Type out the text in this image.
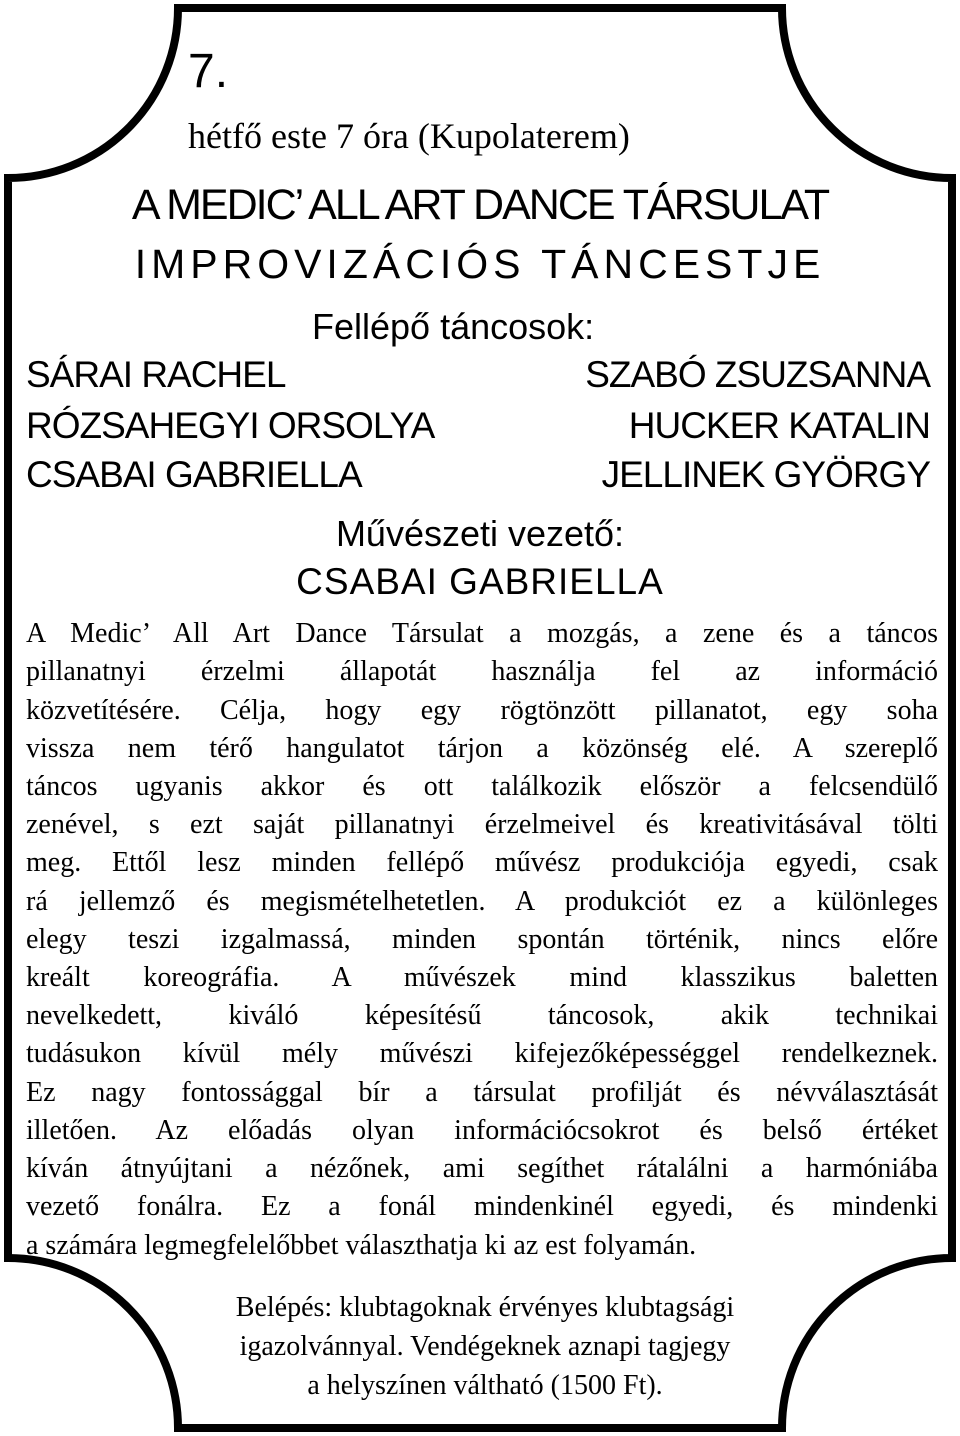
7.
hétfő este 7 óra (Kupolaterem)
A MEDIC’ ALL ART DANCE TÁRSULAT
IMPROVIZÁCIÓS TÁNCESTJE
Fellépő táncosok:
SÁRAI RACHEL	SZABÓ ZSUZSANNA
RÓZSAHEGYI ORSOLYA	HUCKER KATALIN
CSABAI GABRIELLA	JELLINEK GYÖRGY
Művészeti vezető:
CSABAI GABRIELLA

A Medic’ All Art Dance Társulat a mozgás, a zene és a táncos

pillanatnyi érzelmi állapotát használja fel az információ

közvetítésére. Célja, hogy egy rögtönzött pillanatot, egy soha

vissza nem térő hangulatot tárjon a közönség elé. A szereplő

táncos ugyanis akkor és ott találkozik először a felcsendülő

zenével, s ezt saját pillanatnyi érzelmeivel és kreativitásával tölti

meg. Ettől lesz minden fellépő művész produkciója egyedi, csak

rá jellemző és megismételhetetlen. A produkciót ez a különleges

elegy teszi izgalmassá, minden spontán történik, nincs előre

kreált koreográfia. A művészek mind klasszikus baletten

nevelkedett, kiváló képesítésű táncosok, akik technikai

tudásukon kívül mély művészi kifejezőképességgel rendelkeznek.

Ez nagy fontossággal bír a társulat profilját és névválasztását

illetően. Az előadás olyan információcsokrot és belső értéket

kíván átnyújtani a nézőnek, ami segíthet rátalálni a harmóniába

vezető fonálra. Ez a fonál mindenkinél egyedi, és mindenki

a számára legmegfelelőbbet választhatja ki az est folyamán.

Belépés: klubtagoknak érvényes klubtagsági

igazolvánnyal. Vendégeknek aznapi tagjegy

a helyszínen váltható (1500 Ft).
